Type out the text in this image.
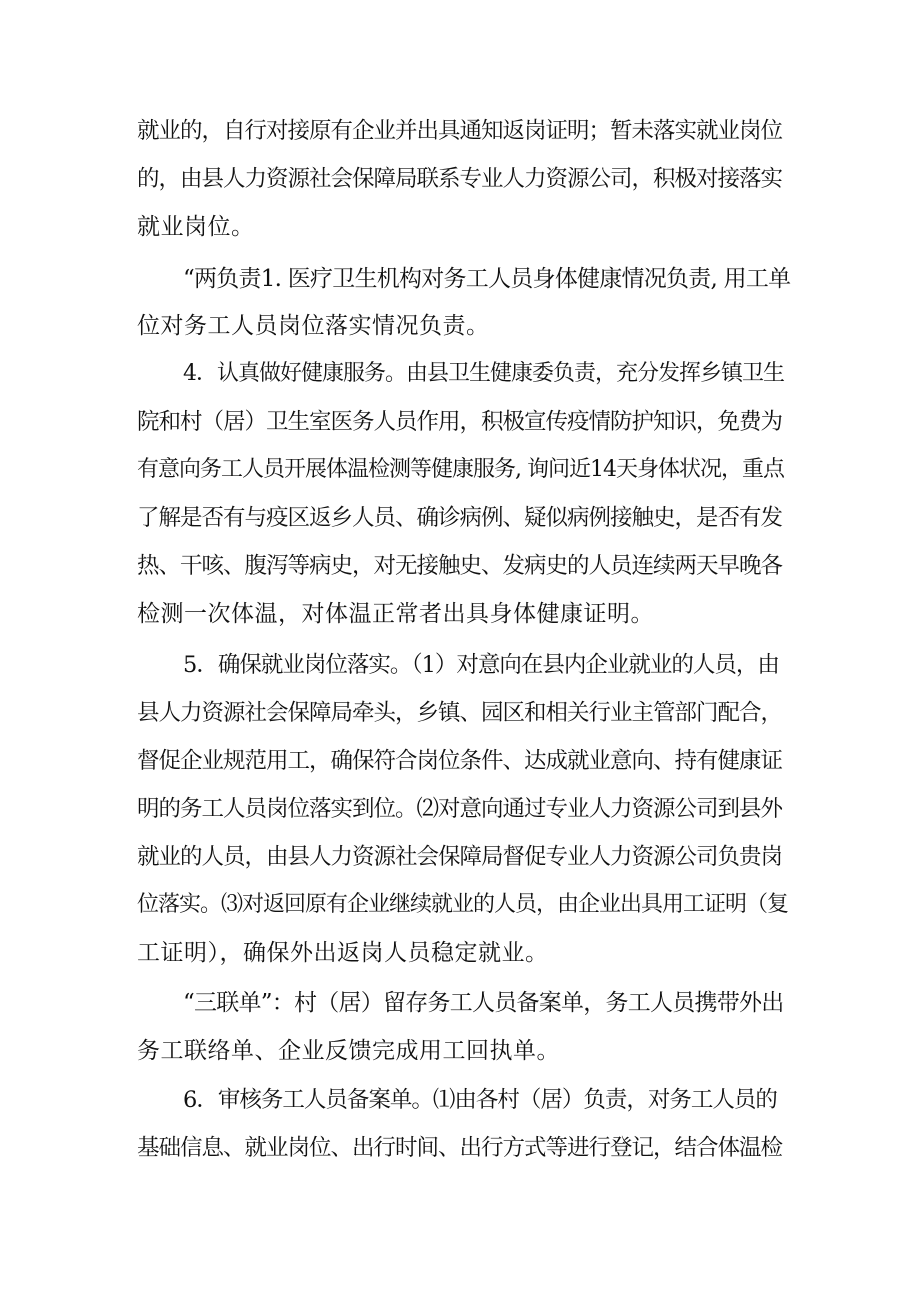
就业的，自行对接原有企业并出具通知返岗证明；暂未落实就业岗位
的，由县人力资源社会保障局联系专业人力资源公司，积极对接落实
就业岗位。
“两负责1. 医疗卫生机构对务工人员身体健康情况负责, 用工单
位对务工人员岗位落实情况负责。
4．认真做好健康服务。由县卫生健康委负责，充分发挥乡镇卫生
院和村（居）卫生室医务人员作用，积极宣传疫情防护知识，免费为
有意向务工人员开展体温检测等健康服务, 询问近14天身体状况，重点
了解是否有与疫区返乡人员、确诊病例、疑似病例接触史，是否有发
热、干咳、腹泻等病史，对无接触史、发病史的人员连续两天早晚各
检测一次体温，对体温正常者出具身体健康证明。
5．确保就业岗位落实。（1）对意向在县内企业就业的人员，由
县人力资源社会保障局牵头，乡镇、园区和相关行业主管部门配合，
督促企业规范用工，确保符合岗位条件、达成就业意向、持有健康证
明的务工人员岗位落实到位。⑵对意向通过专业人力资源公司到县外
就业的人员，由县人力资源社会保障局督促专业人力资源公司负贵岗
位落实。⑶对返回原有企业继续就业的人员，由企业出具用工证明（复
工证明），确保外出返岗人员稳定就业。
“三联单”：村（居）留存务工人员备案单，务工人员携带外出
务工联络单、企业反馈完成用工回执单。
6．审核务工人员备案单。⑴由各村（居）负责，对务工人员的
基础信息、就业岗位、出行时间、出行方式等进行登记，结合体温检
